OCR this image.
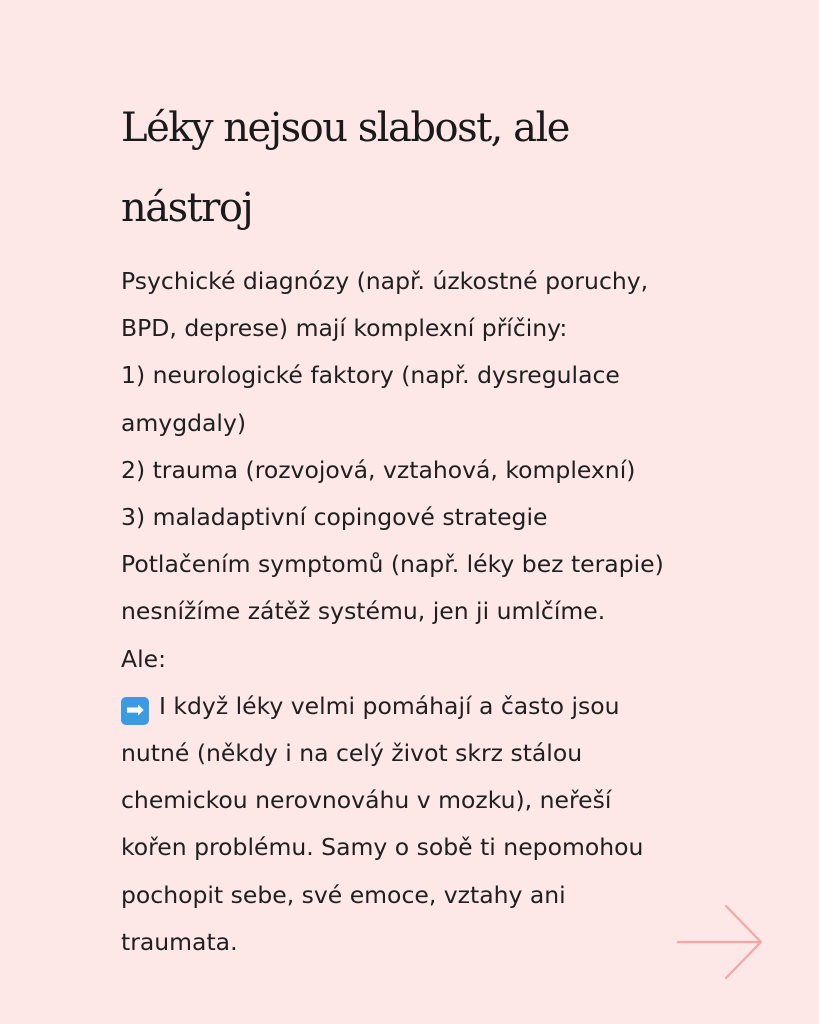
Léky nejsou slabost, ale
nástroj
Psychické diagnózy (např. úzkostné poruchy,
BPD, deprese) mají komplexní příčiny:
1) neurologické faktory (např. dysregulace
amygdaly)
2) trauma (rozvojová, vztahová, komplexní)
3) maladaptivní copingové strategie
Potlačením symptomů (např. léky bez terapie)
nesnížíme zátěž systému, jen ji umlčíme.
Ale:
➡ I když léky velmi pomáhají a často jsou
nutné (někdy i na celý život skrz stálou
chemickou nerovnováhu v mozku), neřeší
kořen problému. Samy o sobě ti nepomohou
pochopit sebe, své emoce, vztahy ani
traumata.
